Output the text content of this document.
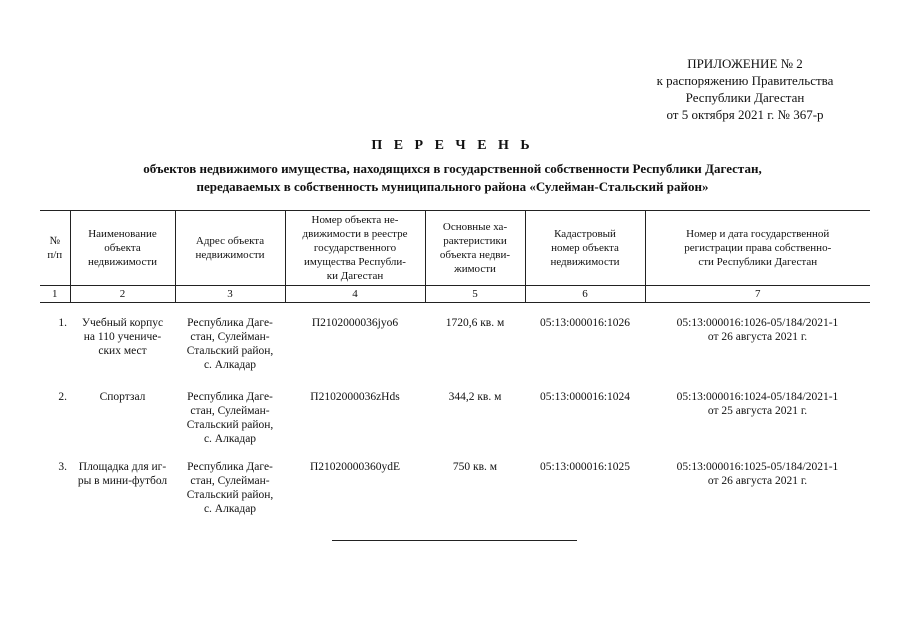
ПРИЛОЖЕНИЕ № 2
к распоряжению Правительства
Республики Дагестан
от 5 октября 2021 г. № 367-р
П Е Р Е Ч Е Н Ь
объектов недвижимого имущества, находящихся в государственной собственности Республики Дагестан,
передаваемых в собственность муниципального района «Сулейман-Стальский район»
№
п/п	Наименование
объекта
недвижимости	Адрес объекта
недвижимости	Номер объекта не-
движимости в реестре
государственного
имущества Республи-
ки Дагестан	Основные ха-
рактеристики
объекта недви-
жимости	Кадастровый
номер объекта
недвижимости	Номер и дата государственной
регистрации права собственно-
сти Республики Дагестан

1	2	3	4	5	6	7
1.	Учебный корпус
на 110 учениче-
ских мест	Республика Даге-
стан, Сулейман-
Стальский район,
с. Алкадар	П2102000036jyo6	1720,6 кв. м	05:13:000016:1026	05:13:000016:1026-05/184/2021-1
от 26 августа 2021 г.

2.	Спортзал	Республика Даге-
стан, Сулейман-
Стальский район,
с. Алкадар	П2102000036zHds	344,2 кв. м	05:13:000016:1024	05:13:000016:1024-05/184/2021-1
от 25 августа 2021 г.

3.	Площадка для иг-
ры в мини-футбол	Республика Даге-
стан, Сулейман-
Стальский район,
с. Алкадар	П21020000360ydE	750 кв. м	05:13:000016:1025	05:13:000016:1025-05/184/2021-1
от 26 августа 2021 г.
